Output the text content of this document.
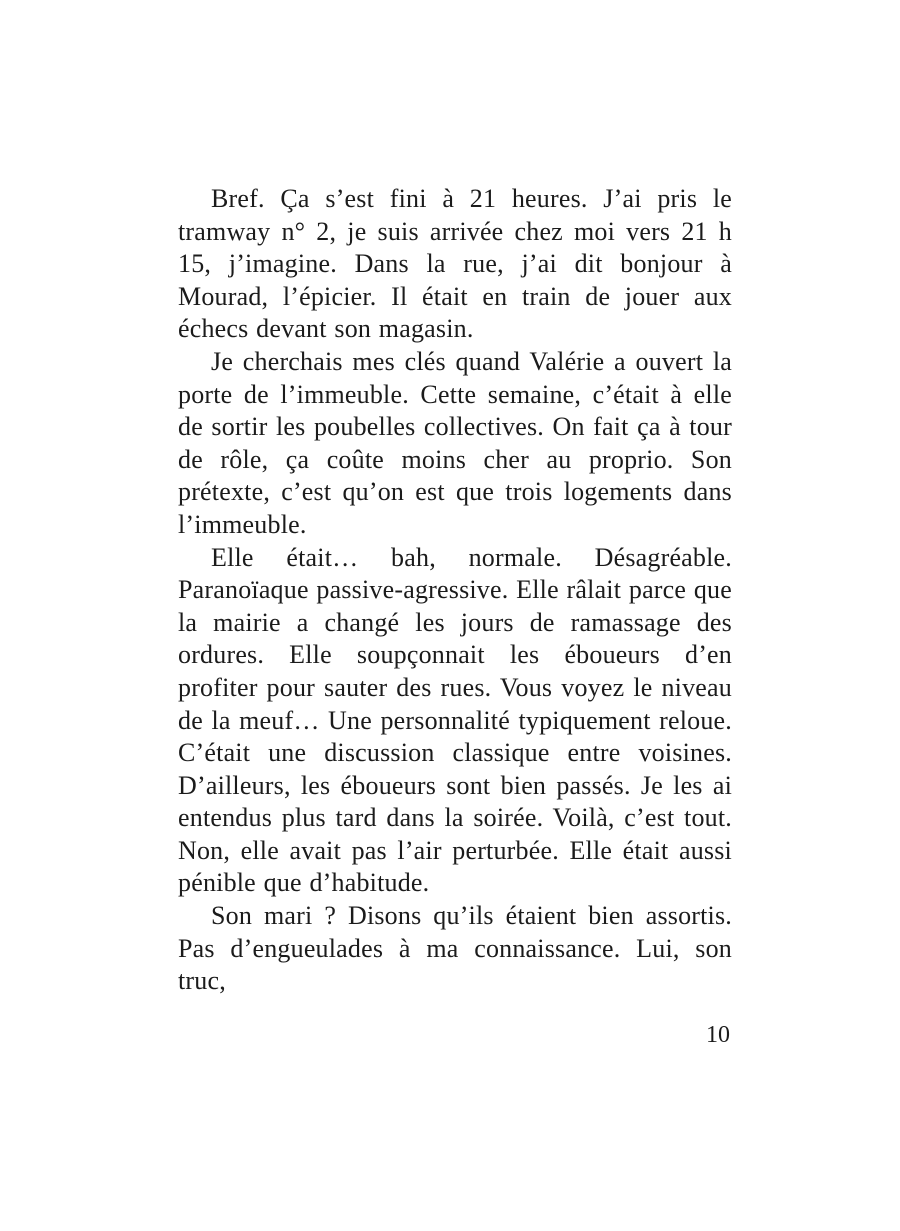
Bref. Ça s’est fini à 21 heures. J’ai pris le tramway n° 2, je suis arrivée chez moi vers 21 h 15, j’imagine. Dans la rue, j’ai dit bonjour à Mourad, l’épicier. Il était en train de jouer aux échecs devant son magasin.

Je cherchais mes clés quand Valérie a ouvert la porte de l’immeuble. Cette semaine, c’était à elle de sortir les poubelles collectives. On fait ça à tour de rôle, ça coûte moins cher au proprio. Son prétexte, c’est qu’on est que trois logements dans l’immeuble.

Elle était… bah, normale. Désagréable. Paranoïaque passive-agressive. Elle râlait parce que la mairie a changé les jours de ramassage des ordures. Elle soupçonnait les éboueurs d’en profiter pour sauter des rues. Vous voyez le niveau de la meuf… Une personnalité typiquement reloue. C’était une discussion classique entre voisines. D’ailleurs, les éboueurs sont bien passés. Je les ai entendus plus tard dans la soirée. Voilà, c’est tout. Non, elle avait pas l’air perturbée. Elle était aussi pénible que d’habitude.

Son mari ? Disons qu’ils étaient bien assortis. Pas d’engueulades à ma connaissance. Lui, son truc,

10
